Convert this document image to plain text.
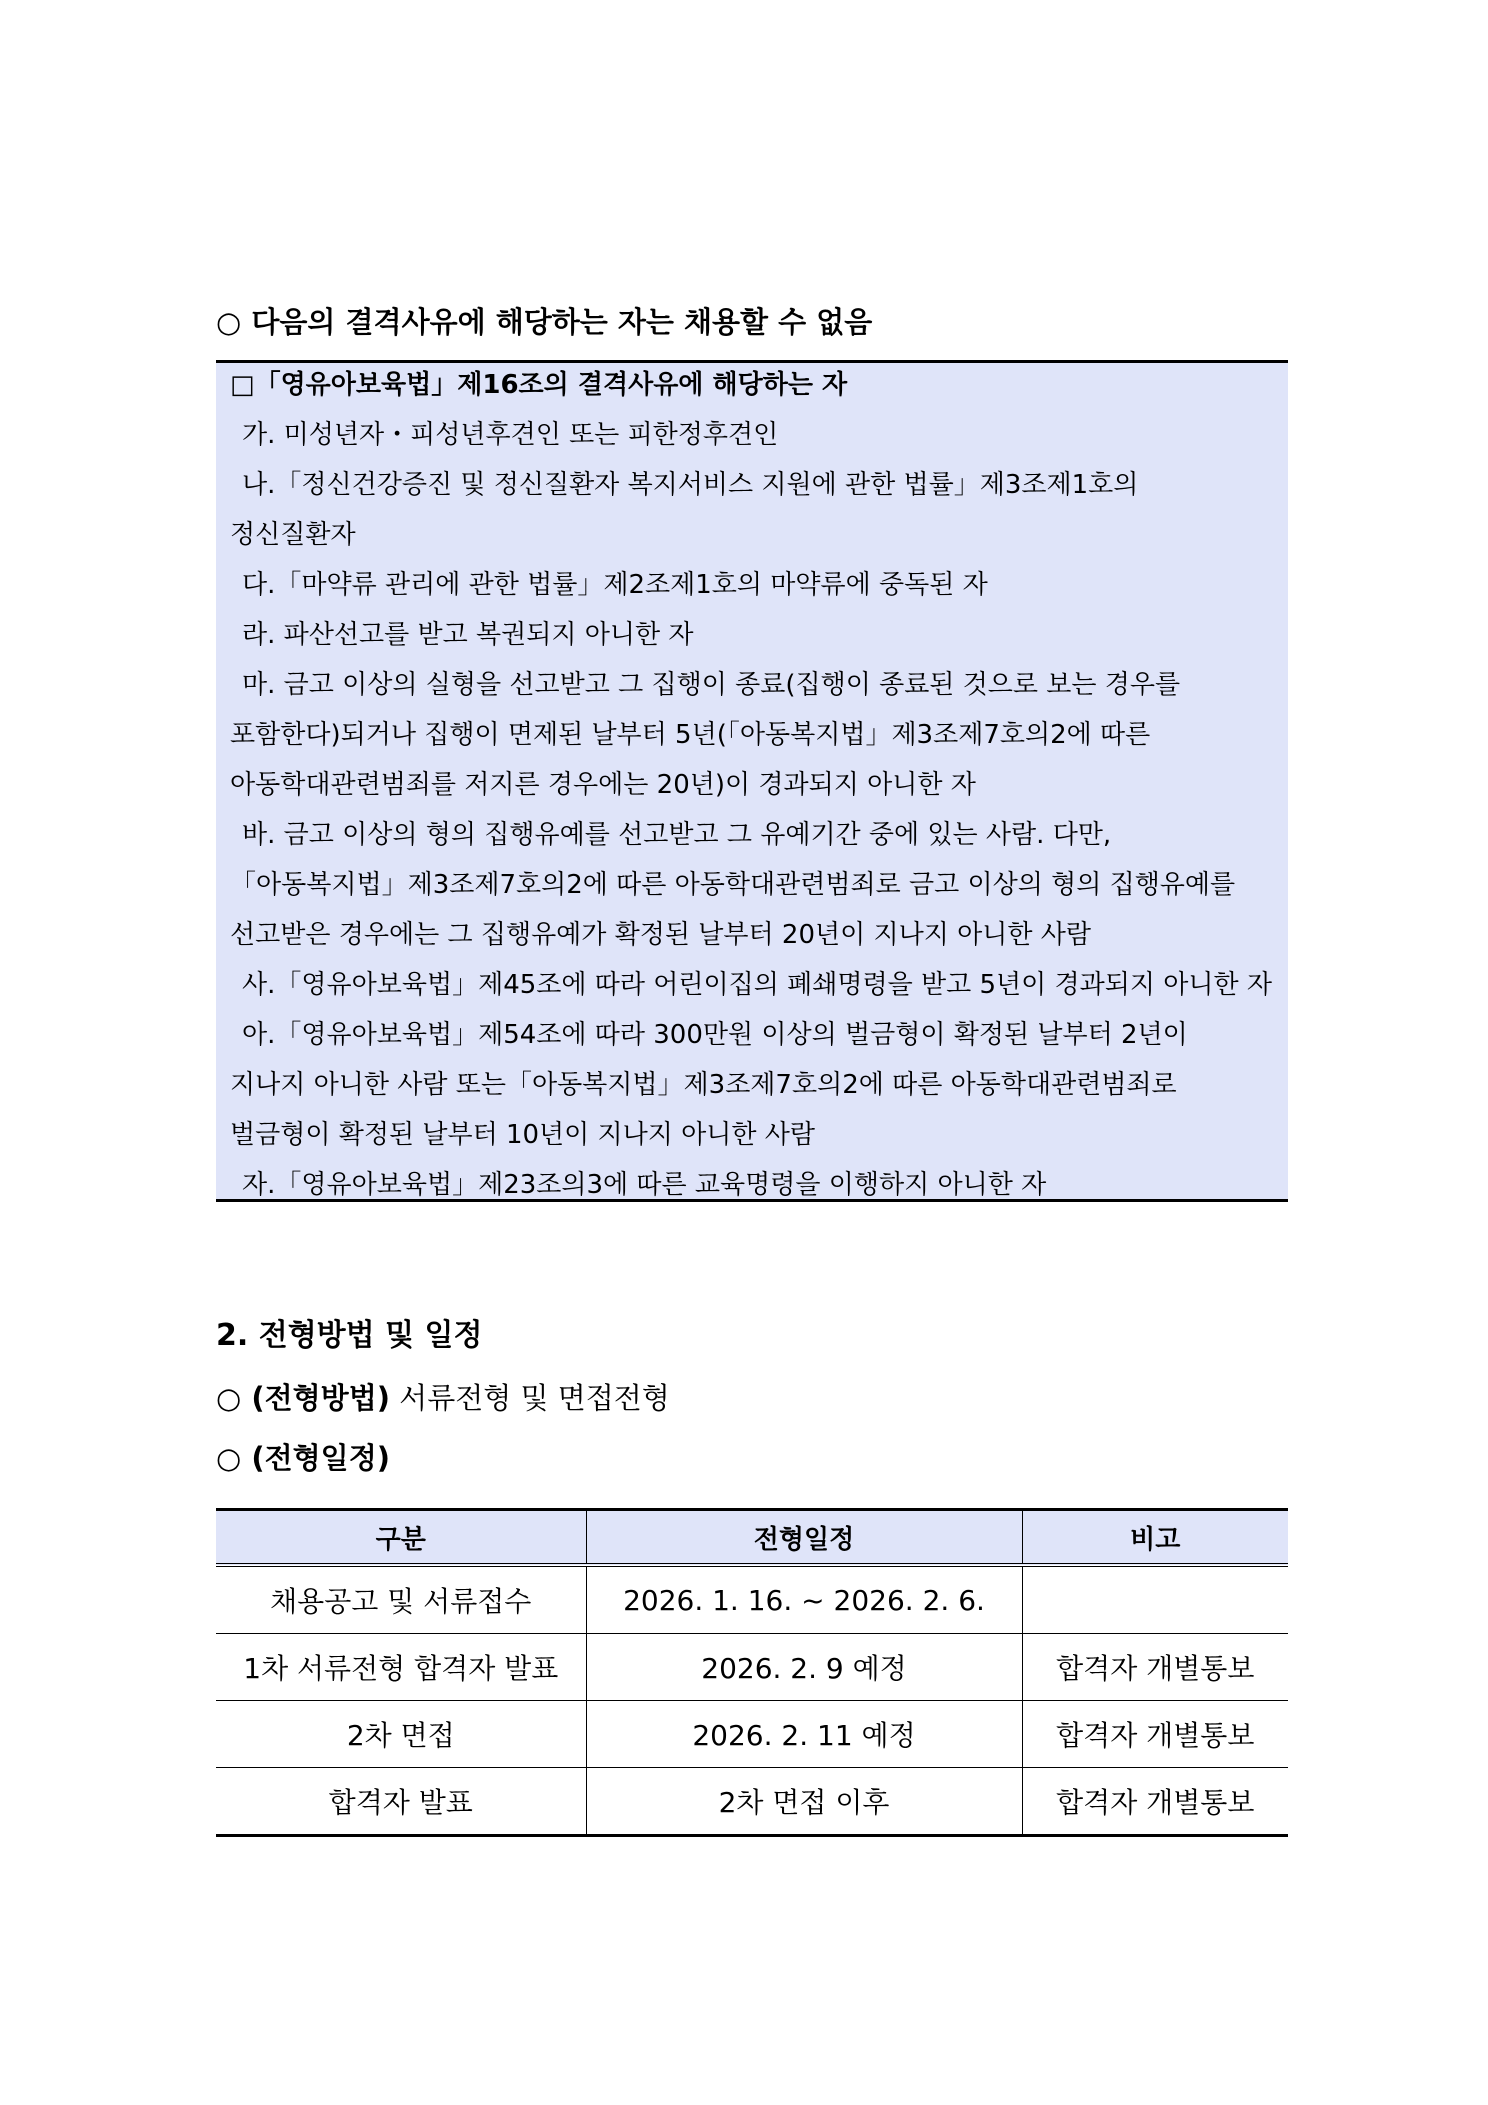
○ 다음의 결격사유에 해당하는 자는 채용할 수 없음
□「영유아보육법」제16조의 결격사유에 해당하는 자
가. 미성년자・피성년후견인 또는 피한정후견인
나.「정신건강증진 및 정신질환자 복지서비스 지원에 관한 법률」제3조제1호의
정신질환자
다.「마약류 관리에 관한 법률」제2조제1호의 마약류에 중독된 자
라. 파산선고를 받고 복권되지 아니한 자
마. 금고 이상의 실형을 선고받고 그 집행이 종료(집행이 종료된 것으로 보는 경우를
포함한다)되거나 집행이 면제된 날부터 5년(「아동복지법」제3조제7호의2에 따른
아동학대관련범죄를 저지른 경우에는 20년)이 경과되지 아니한 자
바. 금고 이상의 형의 집행유예를 선고받고 그 유예기간 중에 있는 사람. 다만,
「아동복지법」제3조제7호의2에 따른 아동학대관련범죄로 금고 이상의 형의 집행유예를
선고받은 경우에는 그 집행유예가 확정된 날부터 20년이 지나지 아니한 사람
사.「영유아보육법」제45조에 따라 어린이집의 폐쇄명령을 받고 5년이 경과되지 아니한 자
아.「영유아보육법」제54조에 따라 300만원 이상의 벌금형이 확정된 날부터 2년이
지나지 아니한 사람 또는「아동복지법」제3조제7호의2에 따른 아동학대관련범죄로
벌금형이 확정된 날부터 10년이 지나지 아니한 사람
자.「영유아보육법」제23조의3에 따른 교육명령을 이행하지 아니한 자
2. 전형방법 및 일정
○ (전형방법) 서류전형 및 면접전형
○ (전형일정)
구분	전형일정	비고
채용공고 및 서류접수	2026. 1. 16. ~ 2026. 2. 6.	
1차 서류전형 합격자 발표	2026. 2. 9 예정	합격자 개별통보
2차 면접	2026. 2. 11 예정	합격자 개별통보
합격자 발표	2차 면접 이후	합격자 개별통보
